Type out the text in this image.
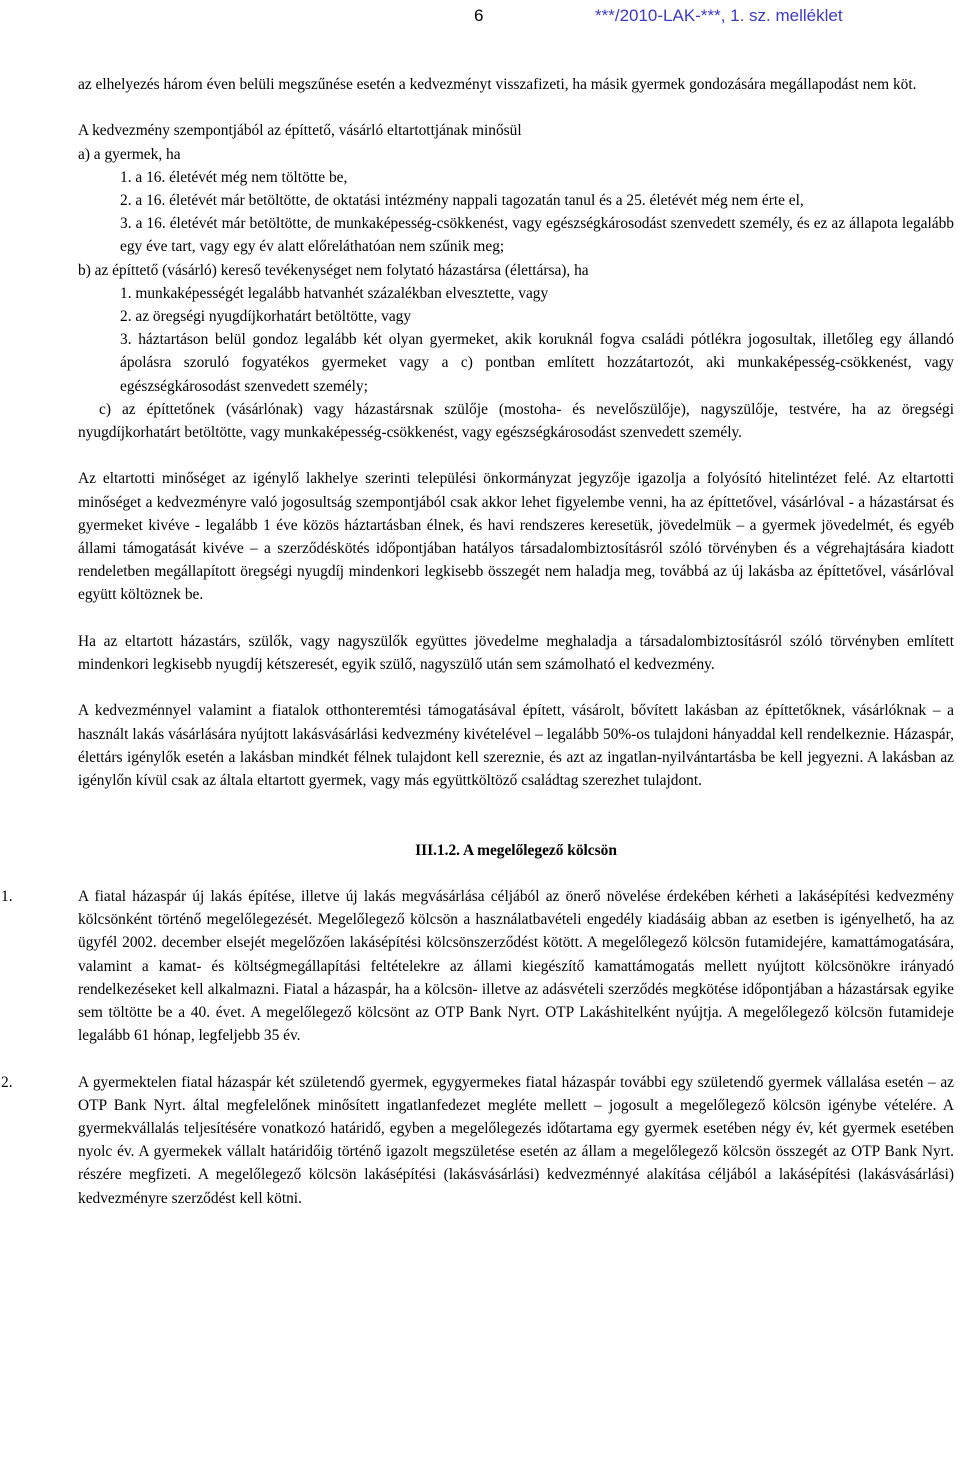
6	***/2010-LAK-***, 1. sz. melléklet

az elhelyezés három éven belüli megszűnése esetén a kedvezményt visszafizeti, ha másik gyermek gondozására megállapodást nem köt.

A kedvezmény szempontjából az építtető, vásárló eltartottjának minősül

a) a gyermek, ha

1. a 16. életévét még nem töltötte be,

2. a 16. életévét már betöltötte, de oktatási intézmény nappali tagozatán tanul és a 25. életévét még nem érte el,

3. a 16. életévét már betöltötte, de munkaképesség-csökkenést, vagy egészségkárosodást szenvedett személy, és ez az állapota legalább egy éve tart, vagy egy év alatt előreláthatóan nem szűnik meg;

b) az építtető (vásárló) kereső tevékenységet nem folytató házastársa (élettársa), ha

1. munkaképességét legalább hatvanhét százalékban elvesztette, vagy

2. az öregségi nyugdíjkorhatárt betöltötte, vagy

3. háztartáson belül gondoz legalább két olyan gyermeket, akik koruknál fogva családi pótlékra jogosultak, illetőleg egy állandó ápolásra szoruló fogyatékos gyermeket vagy a c) pontban említett hozzátartozót, aki munkaképesség-csökkenést, vagy egészségkárosodást szenvedett személy;

c) az építtetőnek (vásárlónak) vagy házastársnak szülője (mostoha- és nevelőszülője), nagyszülője, testvére, ha az öregségi nyugdíjkorhatárt betöltötte, vagy munkaképesség-csökkenést, vagy egészségkárosodást szenvedett személy.

Az eltartotti minőséget az igénylő lakhelye szerinti települési önkormányzat jegyzője igazolja a folyósító hitelintézet felé. Az eltartotti minőséget a kedvezményre való jogosultság szempontjából csak akkor lehet figyelembe venni, ha az építtetővel, vásárlóval - a házastársat és gyermeket kivéve - legalább 1 éve közös háztartásban élnek, és havi rendszeres keresetük, jövedelmük – a gyermek jövedelmét, és egyéb állami támogatását kivéve – a szerződéskötés időpontjában hatályos társadalombiztosításról szóló törvényben és a végrehajtására kiadott rendeletben megállapított öregségi nyugdíj mindenkori legkisebb összegét nem haladja meg, továbbá az új lakásba az építtetővel, vásárlóval együtt költöznek be.

Ha az eltartott házastárs, szülők, vagy nagyszülők együttes jövedelme meghaladja a társadalombiztosításról szóló törvényben említett mindenkori legkisebb nyugdíj kétszeresét, egyik szülő, nagyszülő után sem számolható el kedvezmény.

A kedvezménnyel valamint a fiatalok otthonteremtési támogatásával épített, vásárolt, bővített lakásban az építtetőknek, vásárlóknak – a használt lakás vásárlására nyújtott lakásvásárlási kedvezmény kivételével – legalább 50%-os tulajdoni hányaddal kell rendelkeznie. Házaspár, élettárs igénylők esetén a lakásban mindkét félnek tulajdont kell szereznie, és azt az ingatlan-nyilvántartásba be kell jegyezni. A lakásban az igénylőn kívül csak az általa eltartott gyermek, vagy más együttköltöző családtag szerezhet tulajdont.

III.1.2. A megelőlegező kölcsön

1.	A fiatal házaspár új lakás építése, illetve új lakás megvásárlása céljából az önerő növelése érdekében kérheti a lakásépítési kedvezmény kölcsönként történő megelőlegezését. Megelőlegező kölcsön a használatbavételi engedély kiadásáig abban az esetben is igényelhető, ha az ügyfél 2002. december elsejét megelőzően lakásépítési kölcsönszerződést kötött. A megelőlegező kölcsön futamidejére, kamattámogatására, valamint a kamat- és költségmegállapítási feltételekre az állami kiegészítő kamattámogatás mellett nyújtott kölcsönökre irányadó rendelkezéseket kell alkalmazni. Fiatal a házaspár, ha a kölcsön- illetve az adásvételi szerződés megkötése időpontjában a házastársak egyike sem töltötte be a 40. évet. A megelőlegező kölcsönt az OTP Bank Nyrt. OTP Lakáshitelként nyújtja. A megelőlegező kölcsön futamideje legalább 61 hónap, legfeljebb 35 év.

2.	A gyermektelen fiatal házaspár két születendő gyermek, egygyermekes fiatal házaspár további egy születendő gyermek vállalása esetén – az OTP Bank Nyrt. által megfelelőnek minősített ingatlanfedezet megléte mellett – jogosult a megelőlegező kölcsön igénybe vételére. A gyermekvállalás teljesítésére vonatkozó határidő, egyben a megelőlegezés időtartama egy gyermek esetében négy év, két gyermek esetében nyolc év. A gyermekek vállalt határidőig történő igazolt megszületése esetén az állam a megelőlegező kölcsön összegét az OTP Bank Nyrt. részére megfizeti. A megelőlegező kölcsön lakásépítési (lakásvásárlási) kedvezménnyé alakítása céljából a lakásépítési (lakásvásárlási) kedvezményre szerződést kell kötni.
